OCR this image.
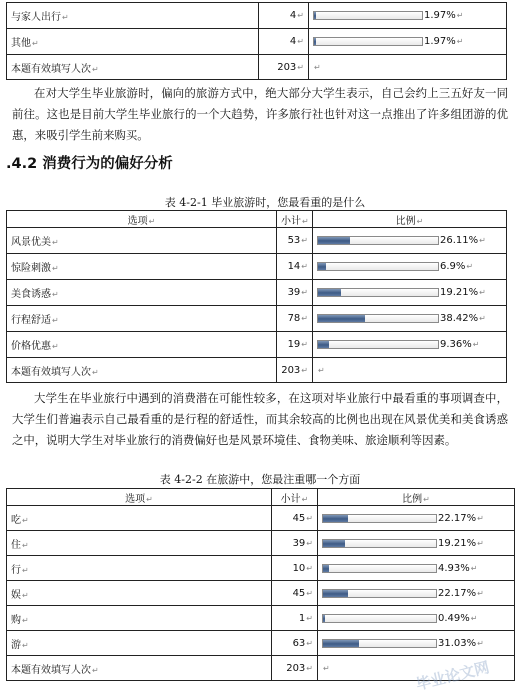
与家人出行↵	4↵	1.97% ↵

其他↵	4↵	1.97% ↵

本题有效填写人次↵	203↵	↵

在对大学生毕业旅游时，偏向的旅游方式中，绝大部分大学生表示，自己会约上三五好友一同前往。这也是目前大学生毕业旅行的一个大趋势，许多旅行社也针对这一点推出了许多组团游的优惠，来吸引学生前来购买。

.4.2 消费行为的偏好分析
表 4-2-1 毕业旅游时，您最看重的是什么
选项↵	小计↵	比例↵
风景优美↵	53↵	26.11% ↵

惊险刺激↵	14↵	6.9% ↵

美食诱惑↵	39↵	19.21% ↵

行程舒适↵	78↵	38.42% ↵

价格优惠↵	19↵	9.36% ↵

本题有效填写人次↵	203↵	↵

大学生在毕业旅行中遇到的消费潜在可能性较多，在这项对毕业旅行中最看重的事项调查中，大学生们普遍表示自己最看重的是行程的舒适性，而其余较高的比例也出现在风景优美和美食诱惑之中，说明大学生对毕业旅行的消费偏好也是风景环境佳、食物美味、旅途顺利等因素。

表 4-2-2 在旅游中，您最注重哪一个方面
选项↵	小计↵	比例↵
吃↵	45↵	22.17% ↵

住↵	39↵	19.21% ↵

行↵	10↵	4.93% ↵

娱↵	45↵	22.17% ↵

购↵	1↵	0.49% ↵

游↵	63↵	31.03% ↵

本题有效填写人次↵	203↵	↵	毕业论文网
